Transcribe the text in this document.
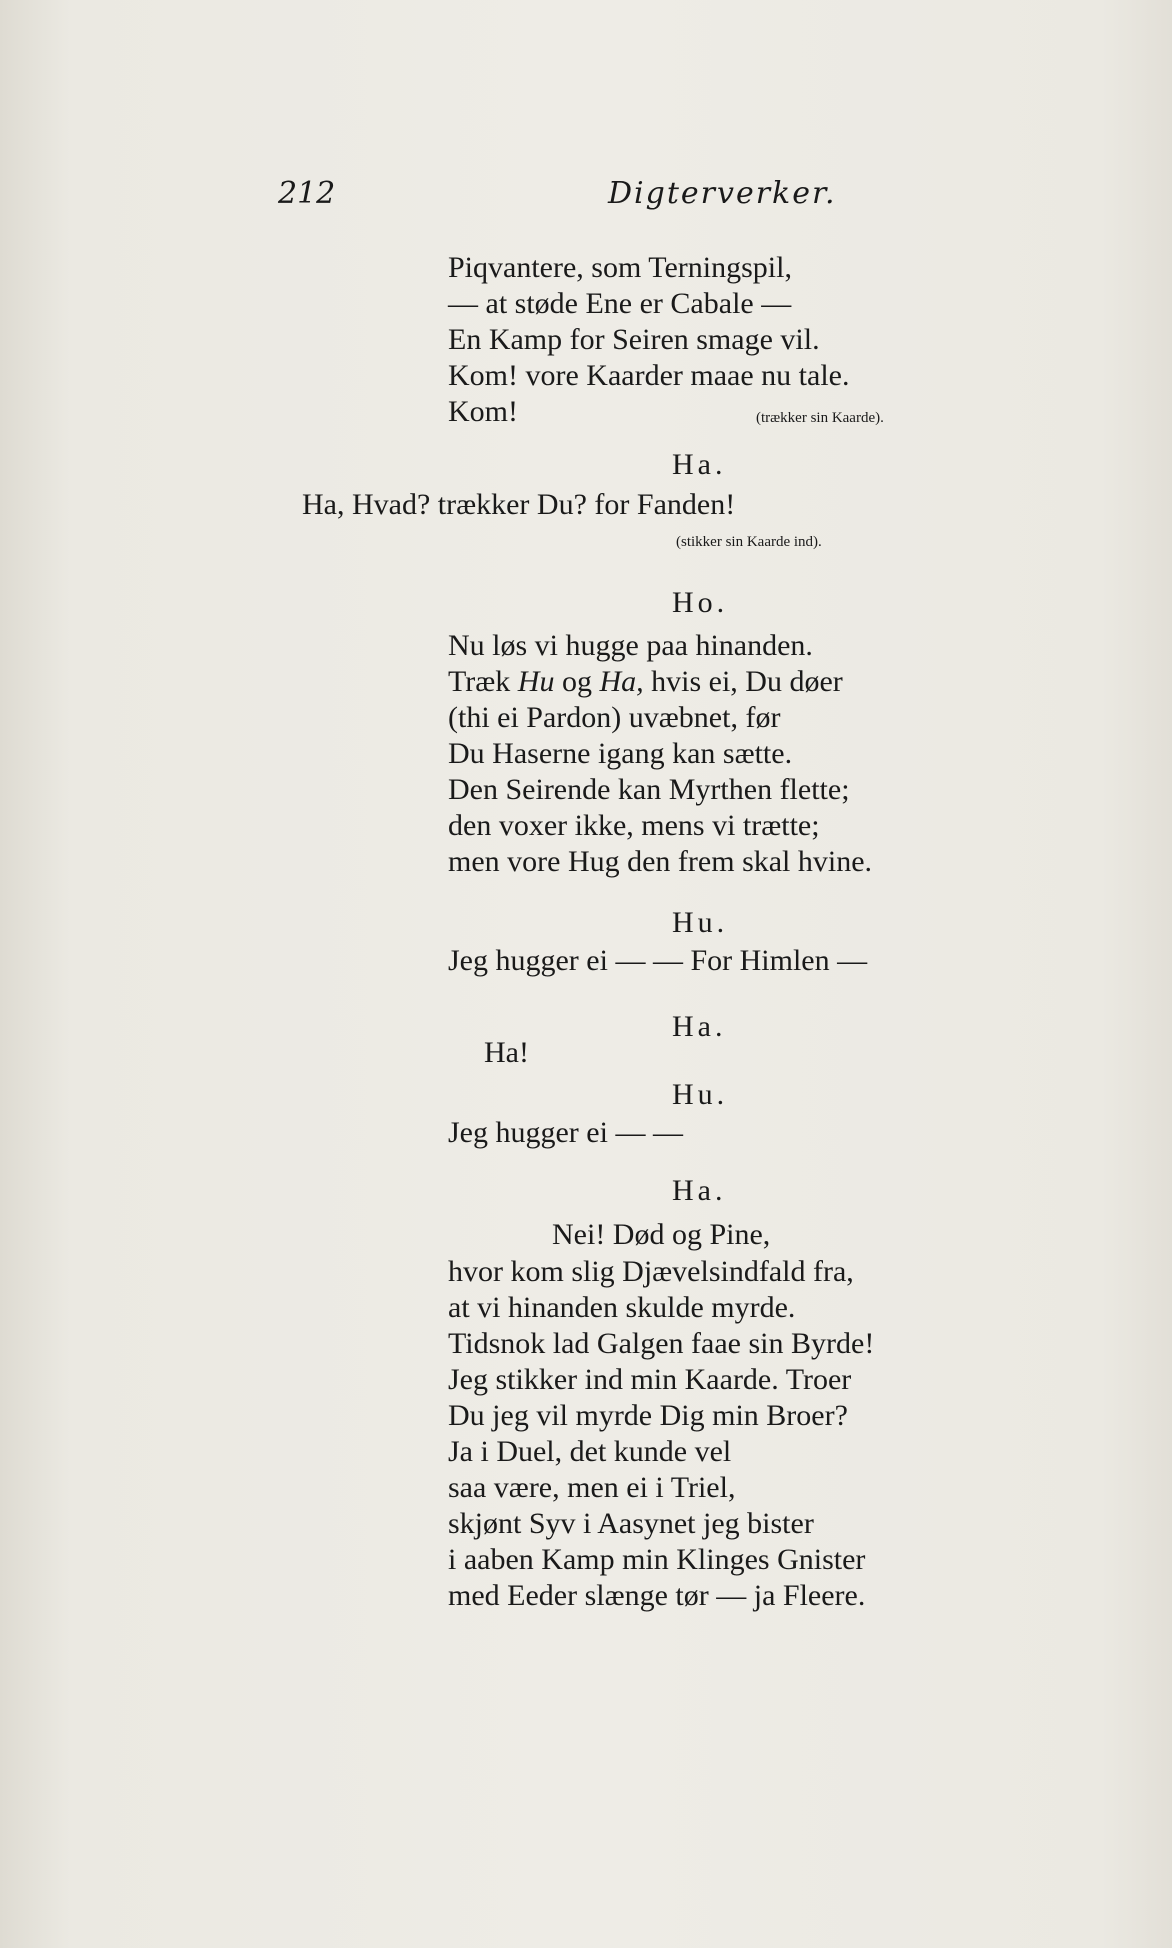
212	Digterverker.
Piqvantere, som Terningspil,
— at støde Ene er Cabale —
En Kamp for Seiren smage vil.
Kom! vore Kaarder maae nu tale.
Kom!	(trækker sin Kaarde).
Ha.
Ha, Hvad? trækker Du? for Fanden!
(stikker sin Kaarde ind).
Ho.
Nu løs vi hugge paa hinanden.
Træk Hu og Ha, hvis ei, Du døer
(thi ei Pardon) uvæbnet, før
Du Haserne igang kan sætte.
Den Seirende kan Myrthen flette;
den voxer ikke, mens vi trætte;
men vore Hug den frem skal hvine.
Hu.
Jeg hugger ei — — For Himlen —
Ha.
Ha!
Hu.
Jeg hugger ei — —
Ha.
Nei! Død og Pine,
hvor kom slig Djævelsindfald fra,
at vi hinanden skulde myrde.
Tidsnok lad Galgen faae sin Byrde!
Jeg stikker ind min Kaarde. Troer
Du jeg vil myrde Dig min Broer?
Ja i Duel, det kunde vel
saa være, men ei i Triel,
skjønt Syv i Aasynet jeg bister
i aaben Kamp min Klinges Gnister
med Eeder slænge tør — ja Fleere.
